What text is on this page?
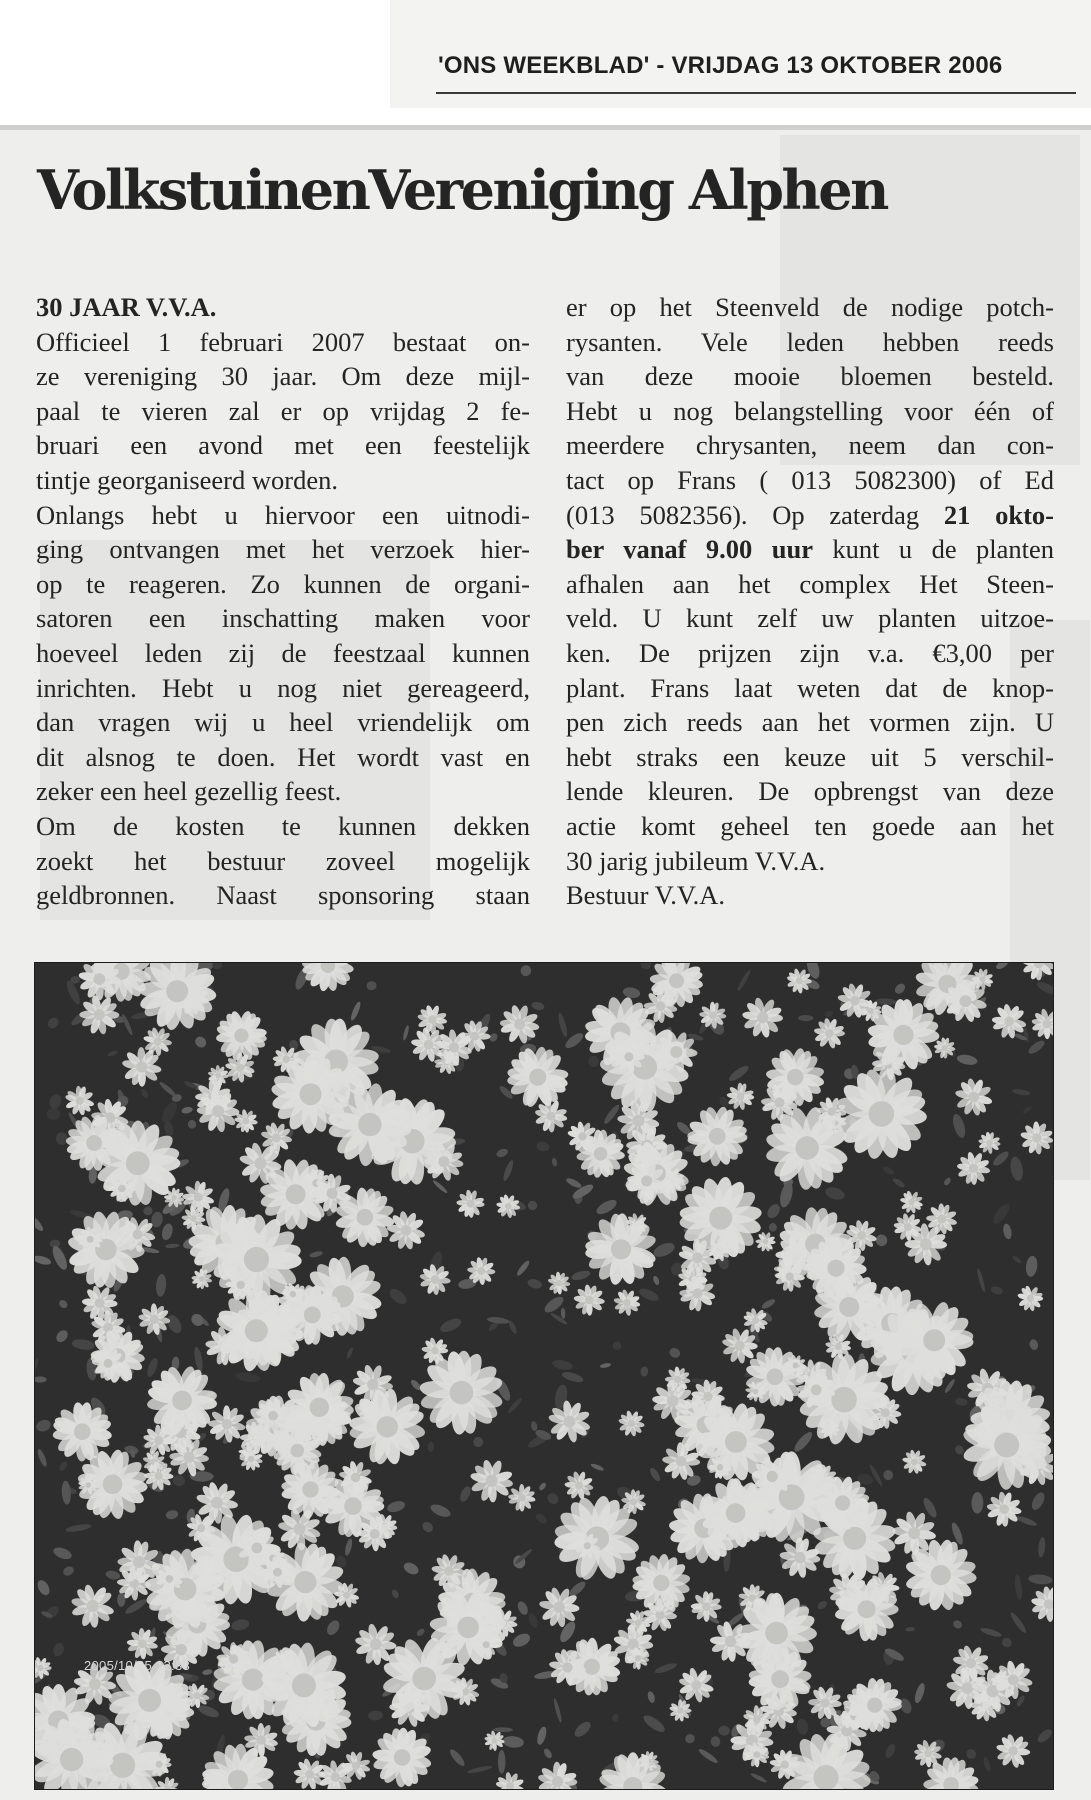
'ONS WEEKBLAD' - VRIJDAG 13 OKTOBER 2006
VolkstuinenVereniging Alphen
30 JAAR V.V.A.
Officieel 1 februari 2007 bestaat on-
ze vereniging 30 jaar. Om deze mijl-
paal te vieren zal er op vrijdag 2 fe-
bruari een avond met een feestelijk
tintje georganiseerd worden.
Onlangs hebt u hiervoor een uitnodi-
ging ontvangen met het verzoek hier-
op te reageren. Zo kunnen de organi-
satoren een inschatting maken voor
hoeveel leden zij de feestzaal kunnen
inrichten. Hebt u nog niet gereageerd,
dan vragen wij u heel vriendelijk om
dit alsnog te doen. Het wordt vast en
zeker een heel gezellig feest.
Om de kosten te kunnen dekken
zoekt het bestuur zoveel mogelijk
geldbronnen. Naast sponsoring staan
er op het Steenveld de nodige potch-
rysanten. Vele leden hebben reeds
van deze mooie bloemen besteld.
Hebt u nog belangstelling voor één of
meerdere chrysanten, neem dan con-
tact op Frans ( 013 5082300) of Ed
(013 5082356). Op zaterdag 21 okto-
ber vanaf 9.00 uur kunt u de planten
afhalen aan het complex Het Steen-
veld. U kunt zelf uw planten uitzoe-
ken. De prijzen zijn v.a. €3,00 per
plant. Frans laat weten dat de knop-
pen zich reeds aan het vormen zijn. U
hebt straks een keuze uit 5 verschil-
lende kleuren. De opbrengst van deze
actie komt geheel ten goede aan het
30 jarig jubileum V.V.A.
Bestuur V.V.A.
2005/10/25 12:33
